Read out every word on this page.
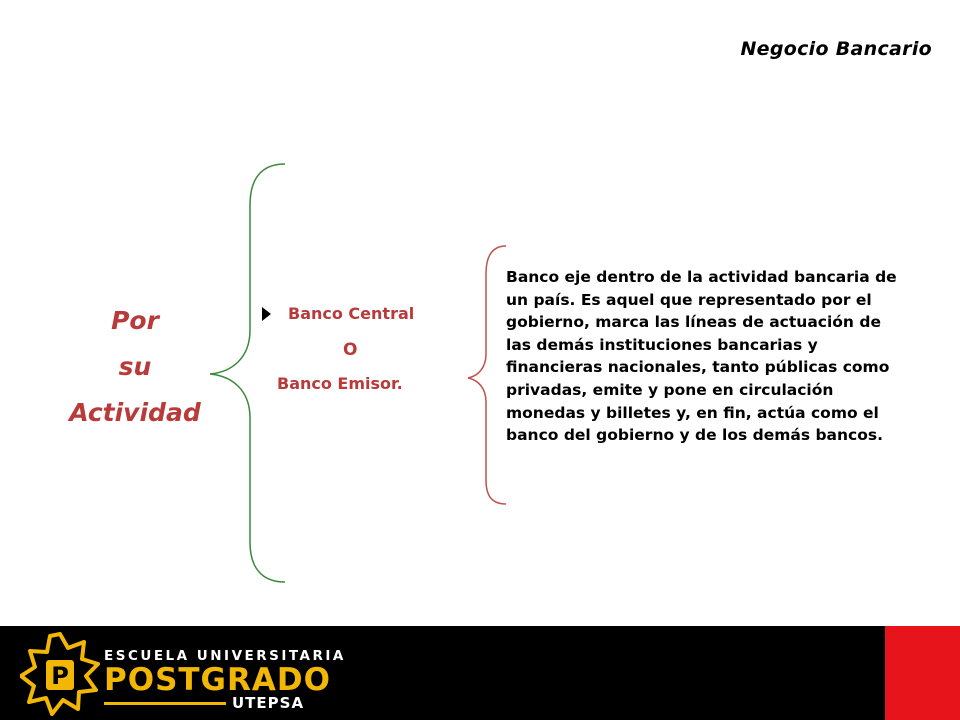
Negocio Bancario
Por
su
Actividad
Banco Central
O
Banco Emisor.
Banco eje dentro de la actividad bancaria de un país. Es aquel que representado por el gobierno, marca las líneas de actuación de las demás instituciones bancarias y financieras nacionales, tanto públicas como privadas, emite y pone en circulación monedas y billetes y, en fin, actúa como el banco del gobierno y de los demás bancos.
P
ESCUELA UNIVERSITARIA
POSTGRADO
UTEPSA
